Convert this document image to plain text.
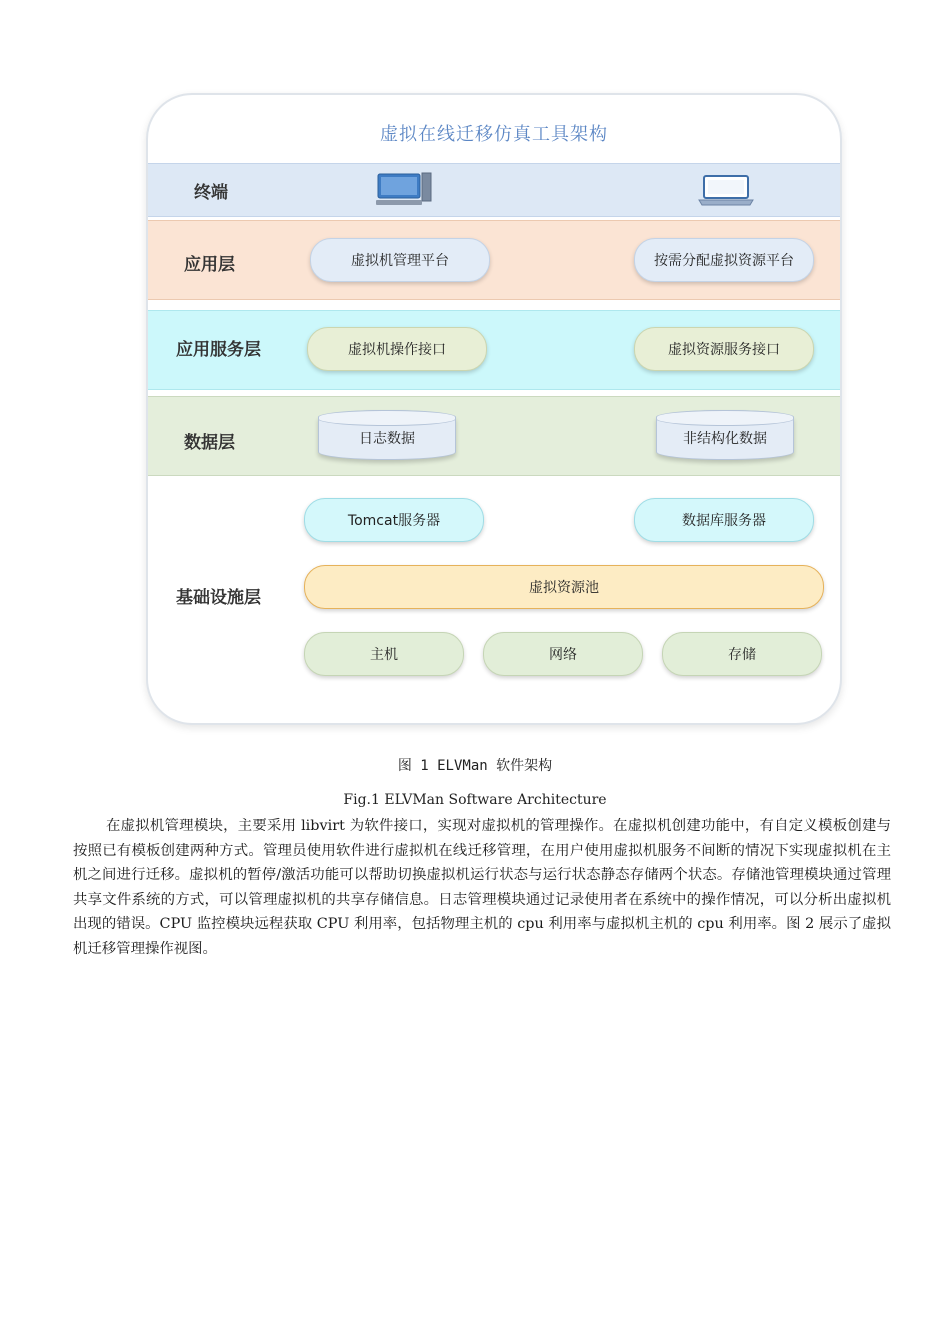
虚拟在线迁移仿真工具架构
终端
应用层	虚拟机管理平台	按需分配虚拟资源平台
应用服务层	虚拟机操作接口	虚拟资源服务接口
数据层	日志数据	非结构化数据
基础设施层
Tomcat服务器	数据库服务器
虚拟资源池
主机	网络	存储
图 1 ELVMan 软件架构
Fig.1 ELVMan Software Architecture
在虚拟机管理模块，主要采用 libvirt 为软件接口，实现对虚拟机的管理操作。在虚拟机创建功能中，有自定义模板创建与按照已有模板创建两种方式。管理员使用软件进行虚拟机在线迁移管理，在用户使用虚拟机服务不间断的情况下实现虚拟机在主机之间进行迁移。虚拟机的暂停/激活功能可以帮助切换虚拟机运行状态与运行状态静态存储两个状态。存储池管理模块通过管理共享文件系统的方式，可以管理虚拟机的共享存储信息。日志管理模块通过记录使用者在系统中的操作情况，可以分析出虚拟机出现的错误。CPU 监控模块远程获取 CPU 利用率，包括物理主机的 cpu 利用率与虚拟机主机的 cpu 利用率。图 2 展示了虚拟机迁移管理操作视图。
